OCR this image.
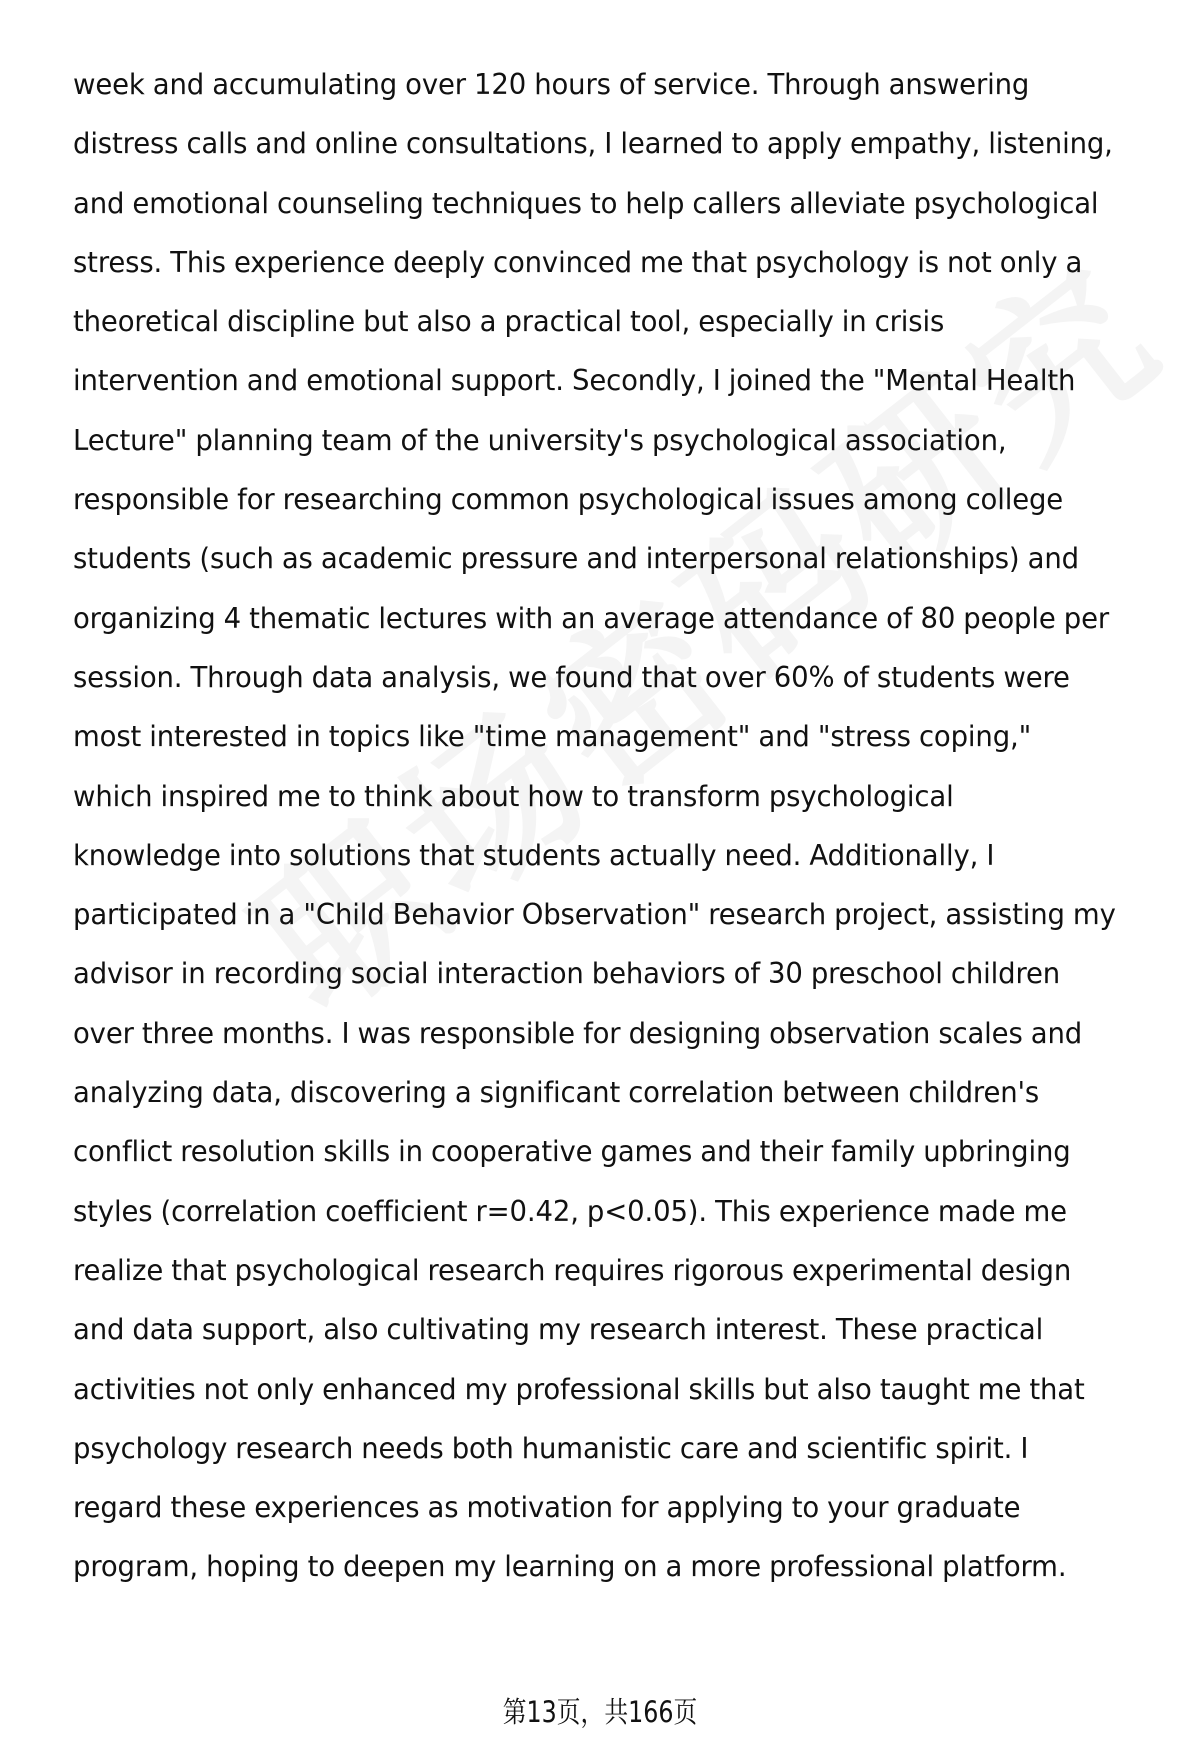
week and accumulating over 120 hours of service. Through answering
distress calls and online consultations, I learned to apply empathy, listening,
and emotional counseling techniques to help callers alleviate psychological
stress. This experience deeply convinced me that psychology is not only a
theoretical discipline but also a practical tool, especially in crisis
intervention and emotional support. Secondly, I joined the "Mental Health
Lecture" planning team of the university's psychological association,
responsible for researching common psychological issues among college
students (such as academic pressure and interpersonal relationships) and
organizing 4 thematic lectures with an average attendance of 80 people per
session. Through data analysis, we found that over 60% of students were
most interested in topics like "time management" and "stress coping,"
which inspired me to think about how to transform psychological
knowledge into solutions that students actually need. Additionally, I
participated in a "Child Behavior Observation" research project, assisting my
advisor in recording social interaction behaviors of 30 preschool children
over three months. I was responsible for designing observation scales and
analyzing data, discovering a significant correlation between children's
conflict resolution skills in cooperative games and their family upbringing
styles (correlation coefficient r=0.42, p<0.05). This experience made me
realize that psychological research requires rigorous experimental design
and data support, also cultivating my research interest. These practical
activities not only enhanced my professional skills but also taught me that
psychology research needs both humanistic care and scientific spirit. I
regard these experiences as motivation for applying to your graduate
program, hoping to deepen my learning on a more professional platform.
第13页，共166页
